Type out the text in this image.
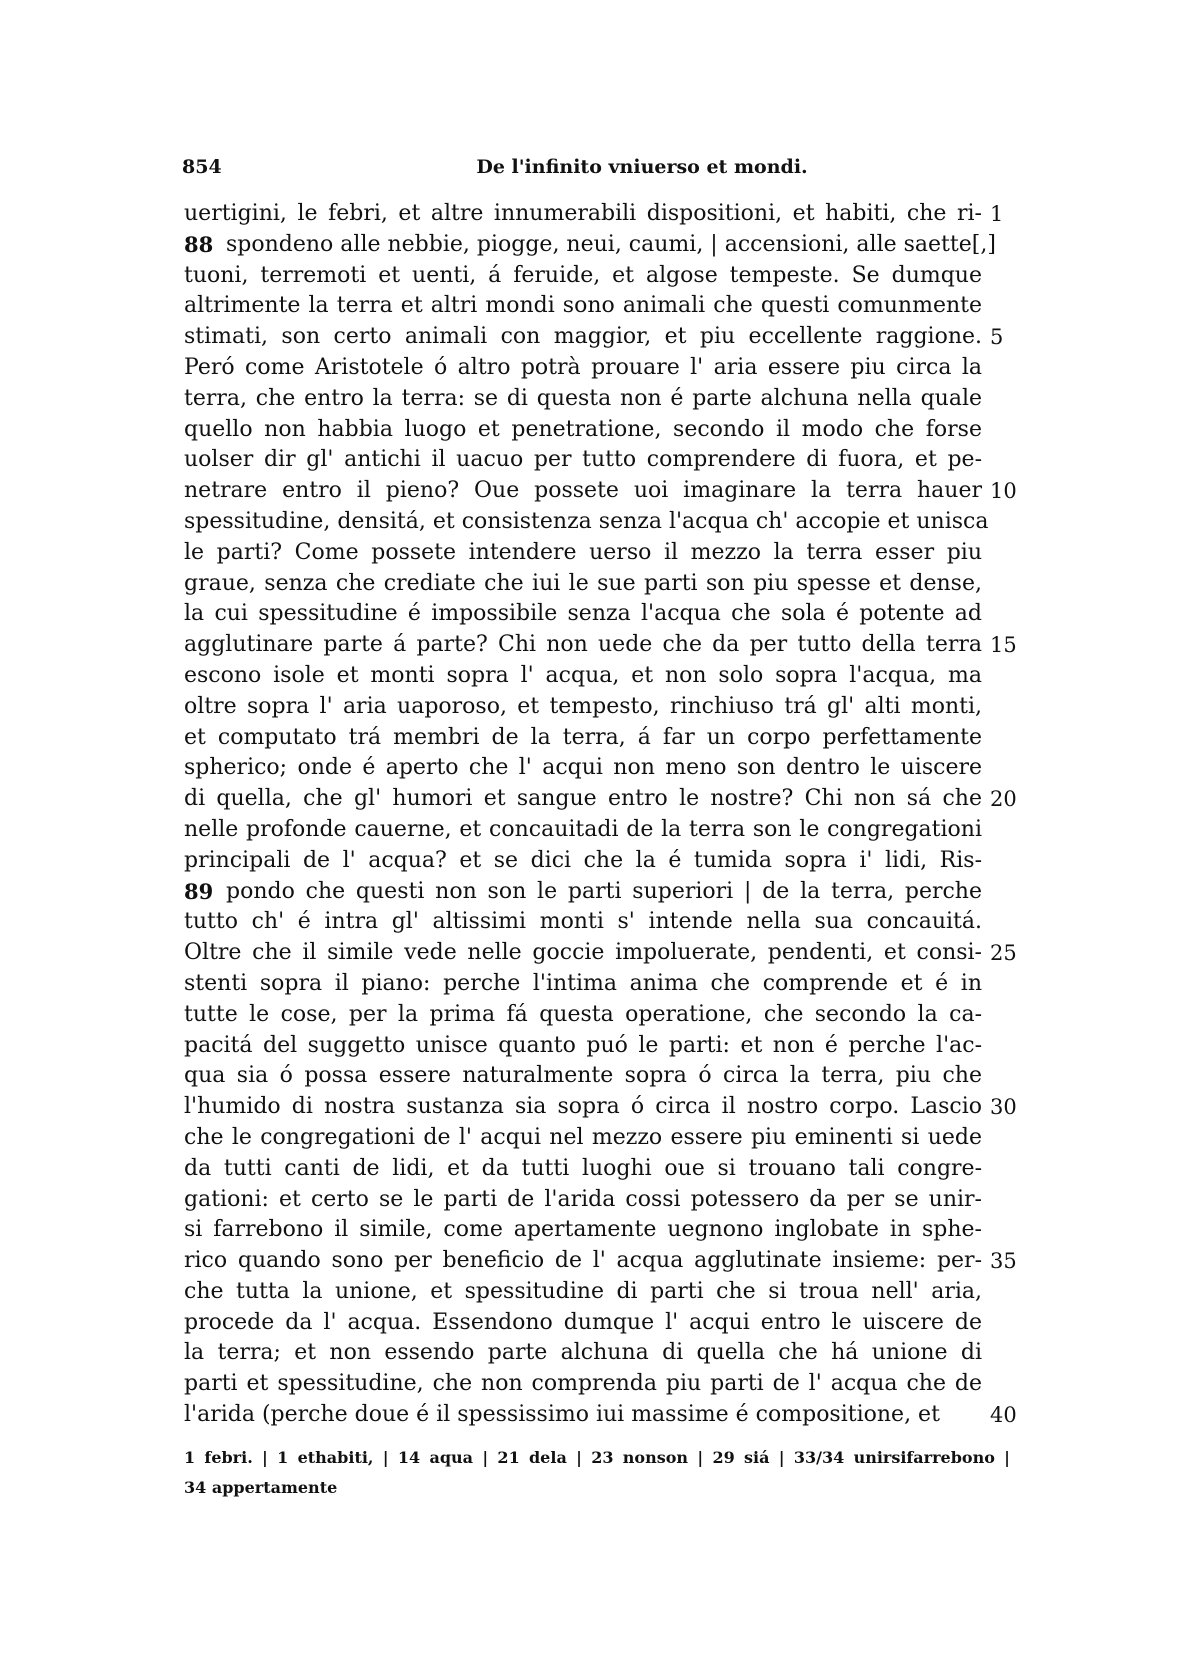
854	De l'infinito vniuerso et mondi.
uertigini, le febri, et altre innumerabili dispositioni, et habiti, che ri- 1
88 spondeno alle nebbie, piogge, neui, caumi, | accensioni, alle saette[,]
tuoni, terremoti et uenti, á feruide, et algose tempeste. Se dumque
altrimente la terra et altri mondi sono animali che questi comunmente
stimati, son certo animali con maggior, et piu eccellente raggione. 5
Peró come Aristotele ó altro potrà prouare l' aria essere piu circa la
terra, che entro la terra: se di questa non é parte alchuna nella quale
quello non habbia luogo et penetratione, secondo il modo che forse
uolser dir gl' antichi il uacuo per tutto comprendere di fuora, et pe-
netrare entro il pieno? Oue possete uoi imaginare la terra hauer 10
spessitudine, densitá, et consistenza senza l'acqua ch' accopie et unisca
le parti? Come possete intendere uerso il mezzo la terra esser piu
graue, senza che crediate che iui le sue parti son piu spesse et dense,
la cui spessitudine é impossibile senza l'acqua che sola é potente ad
agglutinare parte á parte? Chi non uede che da per tutto della terra 15
escono isole et monti sopra l' acqua, et non solo sopra l'acqua, ma
oltre sopra l' aria uaporoso, et tempesto, rinchiuso trá gl' alti monti,
et computato trá membri de la terra, á far un corpo perfettamente
spherico; onde é aperto che l' acqui non meno son dentro le uiscere
di quella, che gl' humori et sangue entro le nostre? Chi non sá che 20
nelle profonde cauerne, et concauitadi de la terra son le congregationi
principali de l' acqua? et se dici che la é tumida sopra i' lidi, Ris-
89 pondo che questi non son le parti superiori | de la terra, perche
tutto ch' é intra gl' altissimi monti s' intende nella sua concauitá.
Oltre che il simile vede nelle goccie impoluerate, pendenti, et consi- 25
stenti sopra il piano: perche l'intima anima che comprende et é in
tutte le cose, per la prima fá questa operatione, che secondo la ca-
pacitá del suggetto unisce quanto puó le parti: et non é perche l'ac-
qua sia ó possa essere naturalmente sopra ó circa la terra, piu che
l'humido di nostra sustanza sia sopra ó circa il nostro corpo. Lascio 30
che le congregationi de l' acqui nel mezzo essere piu eminenti si uede
da tutti canti de lidi, et da tutti luoghi oue si trouano tali congre-
gationi: et certo se le parti de l'arida cossi potessero da per se unir-
si farrebono il simile, come apertamente uegnono inglobate in sphe-
rico quando sono per beneficio de l' acqua agglutinate insieme: per- 35
che tutta la unione, et spessitudine di parti che si troua nell' aria,
procede da l' acqua. Essendono dumque l' acqui entro le uiscere de
la terra; et non essendo parte alchuna di quella che há unione di
parti et spessitudine, che non comprenda piu parti de l' acqua che de
l'arida (perche doue é il spessissimo iui massime é compositione, et	40
1 febri. | 1 ethabiti, | 14 aqua | 21 dela | 23 nonson | 29 siá | 33/34 unirsifarrebono |
34 appertamente
